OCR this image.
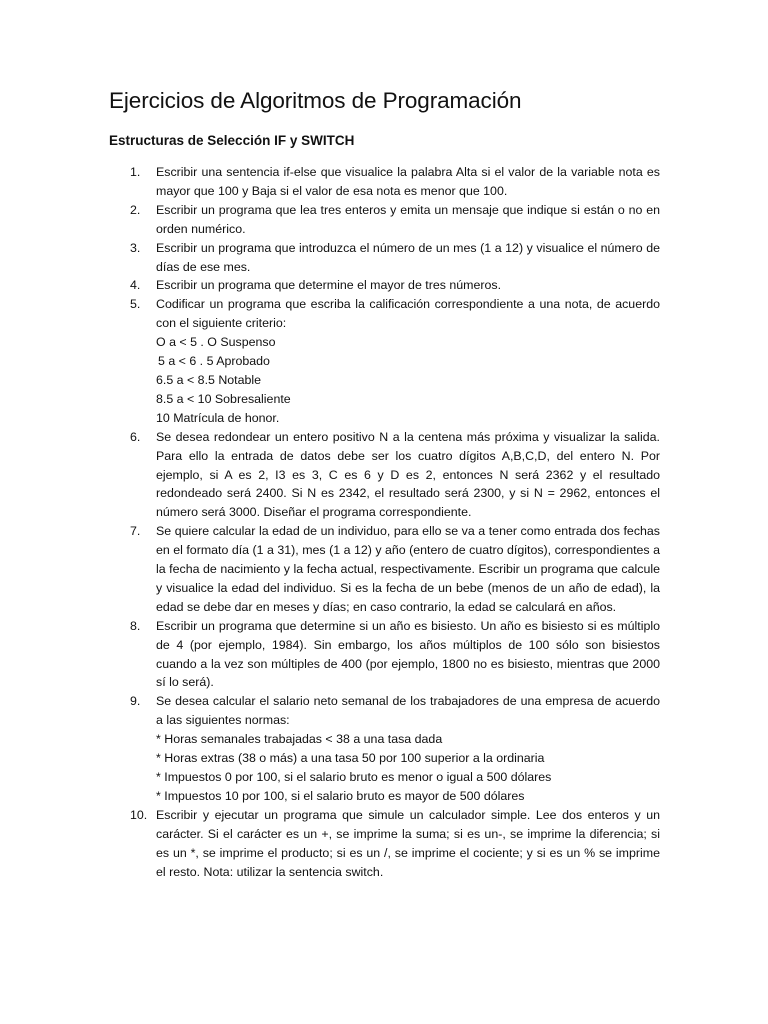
Ejercicios de Algoritmos de Programación
Estructuras de Selección IF y SWITCH
1.	Escribir una sentencia if-else que visualice la palabra Alta si el valor de la variable nota es mayor que 100 y Baja si el valor de esa nota es menor que 100.
2.	Escribir un programa que lea tres enteros y emita un mensaje que indique si están o no en orden numérico.
3.	Escribir un programa que introduzca el número de un mes (1 a 12) y visualice el número de días de ese mes.
4.	Escribir un programa que determine el mayor de tres números.
5.	Codificar un programa que escriba la calificación correspondiente a una nota, de acuerdo con el siguiente criterio:
O a < 5 . O Suspenso
5 a < 6 . 5 Aprobado
6.5 a < 8.5 Notable
8.5 a < 10 Sobresaliente
10 Matrícula de honor.
6.	Se desea redondear un entero positivo N a la centena más próxima y visualizar la salida. Para ello la entrada de datos debe ser los cuatro dígitos A,B,C,D, del entero N. Por ejemplo, si A es 2, I3 es 3, C es 6 y D es 2, entonces N será 2362 y el resultado redondeado será 2400. Si N es 2342, el resultado será 2300, y si N = 2962, entonces el número será 3000. Diseñar el programa correspondiente.
7.	Se quiere calcular la edad de un individuo, para ello se va a tener como entrada dos fechas en el formato día (1 a 31), mes (1 a 12) y año (entero de cuatro dígitos), correspondientes a la fecha de nacimiento y la fecha actual, respectivamente. Escribir un programa que calcule y visualice la edad del individuo. Si es la fecha de un bebe (menos de un año de edad), la edad se debe dar en meses y días; en caso contrario, la edad se calculará en años.
8.	Escribir un programa que determine si un año es bisiesto. Un año es bisiesto si es múltiplo de 4 (por ejemplo, 1984). Sin embargo, los años múltiplos de 100 sólo son bisiestos cuando a la vez son múltiples de 400 (por ejemplo, 1800 no es bisiesto, mientras que 2000 sí lo será).
9.	Se desea calcular el salario neto semanal de los trabajadores de una empresa de acuerdo a las siguientes normas:
* Horas semanales trabajadas < 38 a una tasa dada
* Horas extras (38 o más) a una tasa 50 por 100 superior a la ordinaria
* Impuestos 0 por 100, si el salario bruto es menor o igual a 500 dólares
* Impuestos 10 por 100, si el salario bruto es mayor de 500 dólares
10. Escribir y ejecutar un programa que simule un calculador simple. Lee dos enteros y un carácter. Si el carácter es un +, se imprime la suma; si es un-, se imprime la diferencia; si es un *, se imprime el producto; si es un /, se imprime el cociente; y si es un % se imprime el resto. Nota: utilizar la sentencia switch.
